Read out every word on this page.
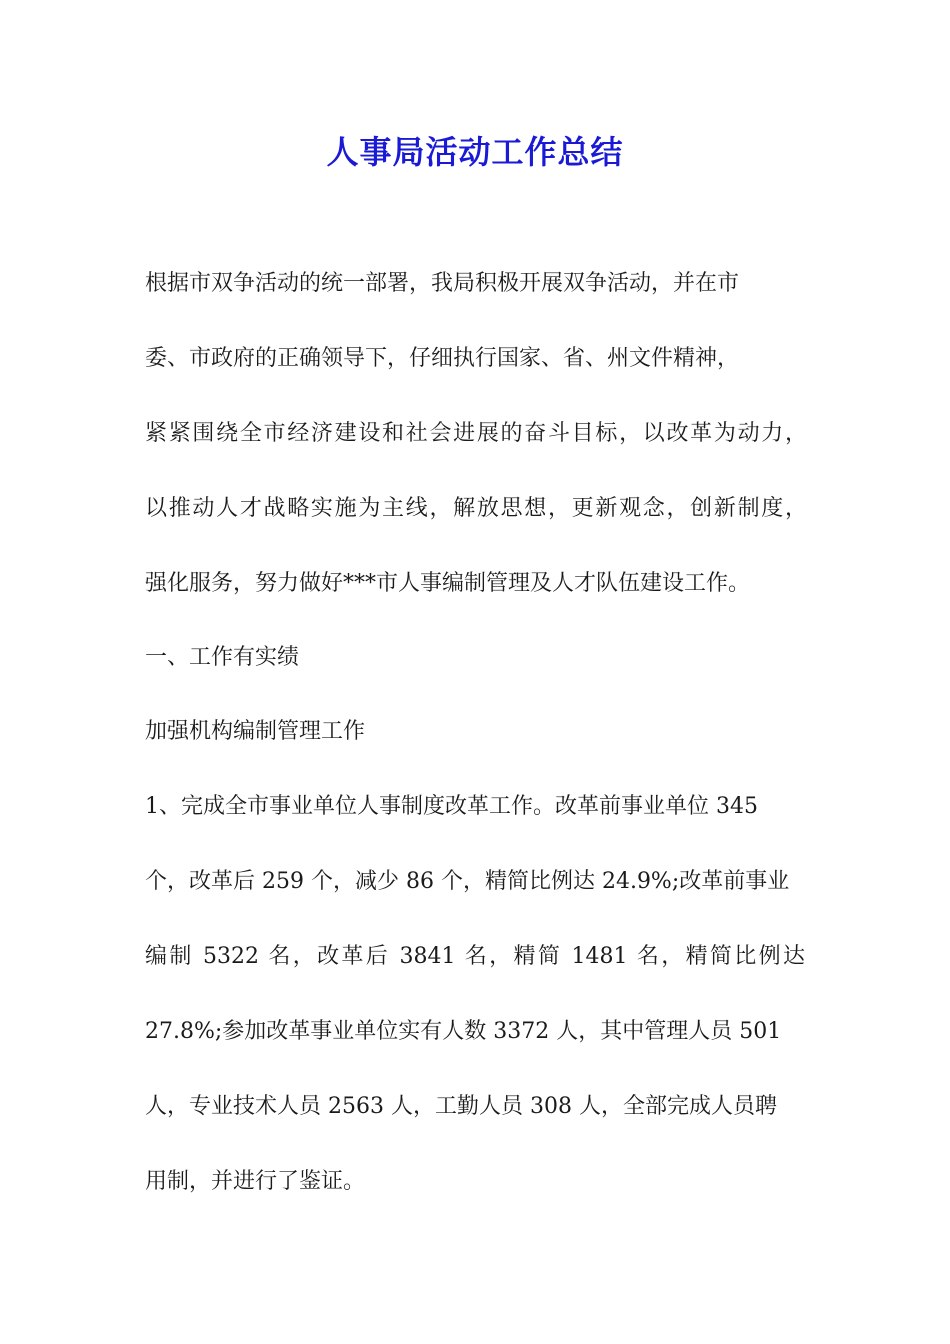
人事局活动工作总结
根据市双争活动的统一部署，我局积极开展双争活动，并在市
委、市政府的正确领导下，仔细执行国家、省、州文件精神，
紧紧围绕全市经济建设和社会进展的奋斗目标，以改革为动力，
以推动人才战略实施为主线，解放思想，更新观念，创新制度，
强化服务，努力做好***市人事编制管理及人才队伍建设工作。
一、工作有实绩
加强机构编制管理工作
1、完成全市事业单位人事制度改革工作。改革前事业单位 345
个，改革后 259 个，减少 86 个，精简比例达 24.9%;改革前事业
编制 5322 名，改革后 3841 名，精简 1481 名，精简比例达
27.8%;参加改革事业单位实有人数 3372 人，其中管理人员 501
人，专业技术人员 2563 人，工勤人员 308 人，全部完成人员聘
用制，并进行了鉴证。
